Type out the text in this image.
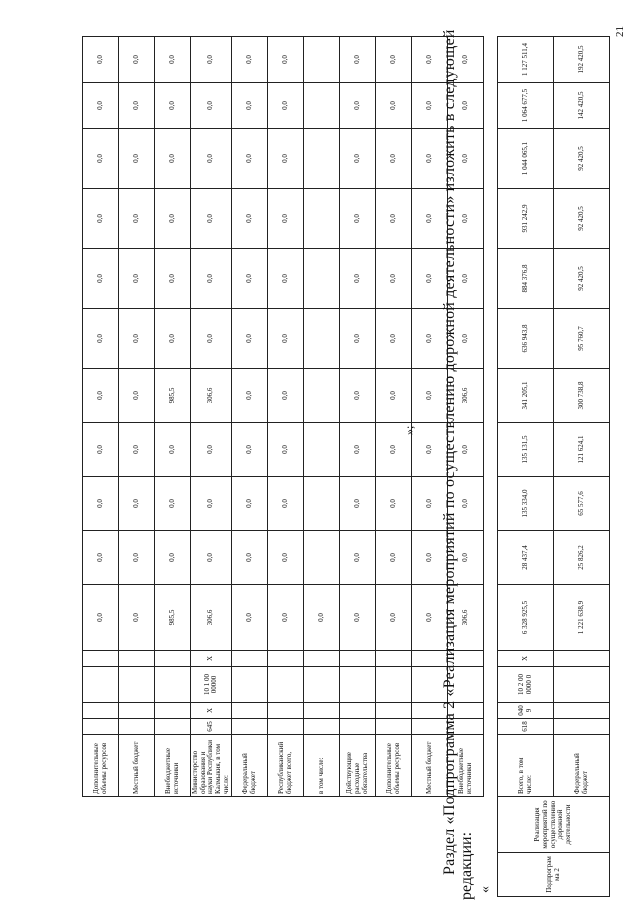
Дополнительные объемы ресурсов					0,0	0,0	0,0	0,0	0,0	0,0	0,0	0,0	0,0	0,0	0,0
Местный бюджет					0,0	0,0	0,0	0,0	0,0	0,0	0,0	0,0	0,0	0,0	0,0
Внебюджетные источники					985,5	0,0	0,0	0,0	985,5	0,0	0,0	0,0	0,0	0,0	0,0
Министерство образования и науки Республики Калмыкия, в том числе:	645	X	10 1 00 00000	X	306,6	0,0	0,0	0,0	306,6	0,0	0,0	0,0	0,0	0,0	0,0
Федеральный бюджет					0,0	0,0	0,0	0,0	0,0	0,0	0,0	0,0	0,0	0,0	0,0
Республиканский бюджет всего,					0,0	0,0	0,0	0,0	0,0	0,0	0,0	0,0	0,0	0,0	0,0
в том числе:					0,0										
Действующие расходные обязательства					0,0	0,0	0,0	0,0	0,0	0,0	0,0	0,0	0,0	0,0	0,0
Дополнительные объемы ресурсов					0,0	0,0	0,0	0,0	0,0	0,0	0,0	0,0	0,0	0,0	0,0
Местный бюджет					0,0	0,0	0,0	0,0	0,0	0,0	0,0	0,0	0,0	0,0	0,0
Внебюджетные источники					306,6	0,0	0,0	0,0	306,6	0,0	0,0	0,0	0,0	0,0	0,0
»; Раздел «Подпрограмма 2 «Реализация мероприятий по осуществлению дорожной деятельности» изложить в следующей редакции: «	Подпрограмма 2	Реализация мероприятий по осуществлению дорожной деятельности	Всего, в том числе:	618	0409	10 2 00 0000 0	X	6 328 925,5	28 437,4	135 334,0	135 131,5	341 205,1	636 943,8	884 376,8	931 242,9	1 044 065,1	1 064 677,5	1 127 511,4
		Федеральный бюджет					1 221 638,9	25 826,2	65 577,6	121 624,1	300 738,8	95 760,7	92 420,5	92 420,5	92 420,5	142 420,5	192 420,5
21
